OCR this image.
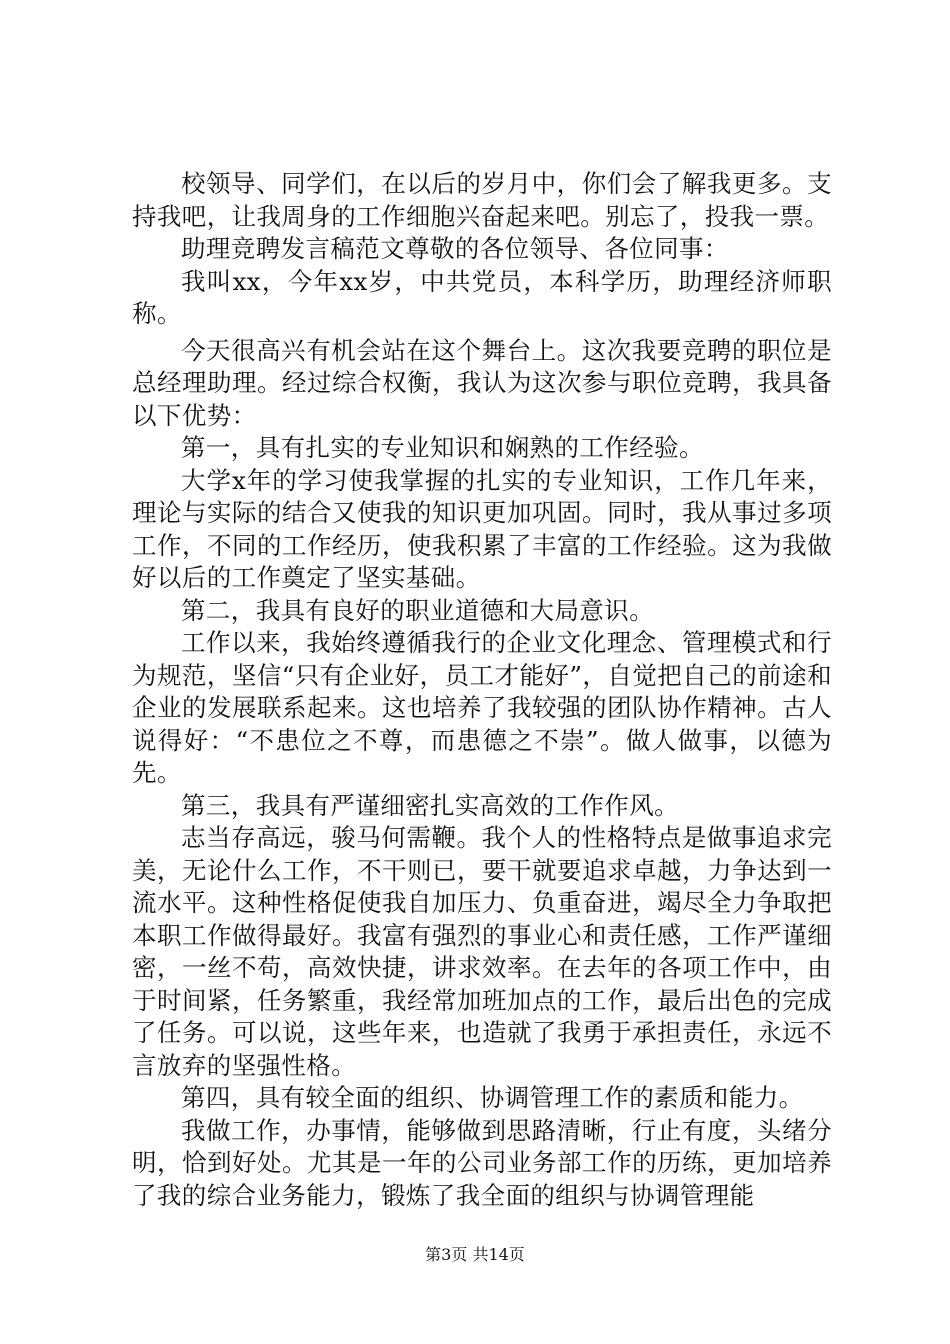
校领导、同学们，在以后的岁月中，你们会了解我更多。支持我吧，让我周身的工作细胞兴奋起来吧。别忘了，投我一票。

助理竞聘发言稿范文尊敬的各位领导、各位同事：

我叫xx，今年xx岁，中共党员，本科学历，助理经济师职称。

今天很高兴有机会站在这个舞台上。这次我要竞聘的职位是总经理助理。经过综合权衡，我认为这次参与职位竞聘，我具备以下优势：

第一，具有扎实的专业知识和娴熟的工作经验。

大学x年的学习使我掌握的扎实的专业知识，工作几年来，理论与实际的结合又使我的知识更加巩固。同时，我从事过多项工作，不同的工作经历，使我积累了丰富的工作经验。这为我做好以后的工作奠定了坚实基础。

第二，我具有良好的职业道德和大局意识。

工作以来，我始终遵循我行的企业文化理念、管理模式和行为规范，坚信“只有企业好，员工才能好”，自觉把自己的前途和企业的发展联系起来。这也培养了我较强的团队协作精神。古人说得好：“不患位之不尊，而患德之不崇”。做人做事，以德为先。

第三，我具有严谨细密扎实高效的工作作风。

志当存高远，骏马何需鞭。我个人的性格特点是做事追求完美，无论什么工作，不干则已，要干就要追求卓越，力争达到一流水平。这种性格促使我自加压力、负重奋进，竭尽全力争取把本职工作做得最好。我富有强烈的事业心和责任感，工作严谨细密，一丝不苟，高效快捷，讲求效率。在去年的各项工作中，由于时间紧，任务繁重，我经常加班加点的工作，最后出色的完成了任务。可以说，这些年来，也造就了我勇于承担责任，永远不言放弃的坚强性格。

第四，具有较全面的组织、协调管理工作的素质和能力。

我做工作，办事情，能够做到思路清晰，行止有度，头绪分明，恰到好处。尤其是一年的公司业务部工作的历练，更加培养了我的综合业务能力，锻炼了我全面的组织与协调管理能

第3页 共14页
